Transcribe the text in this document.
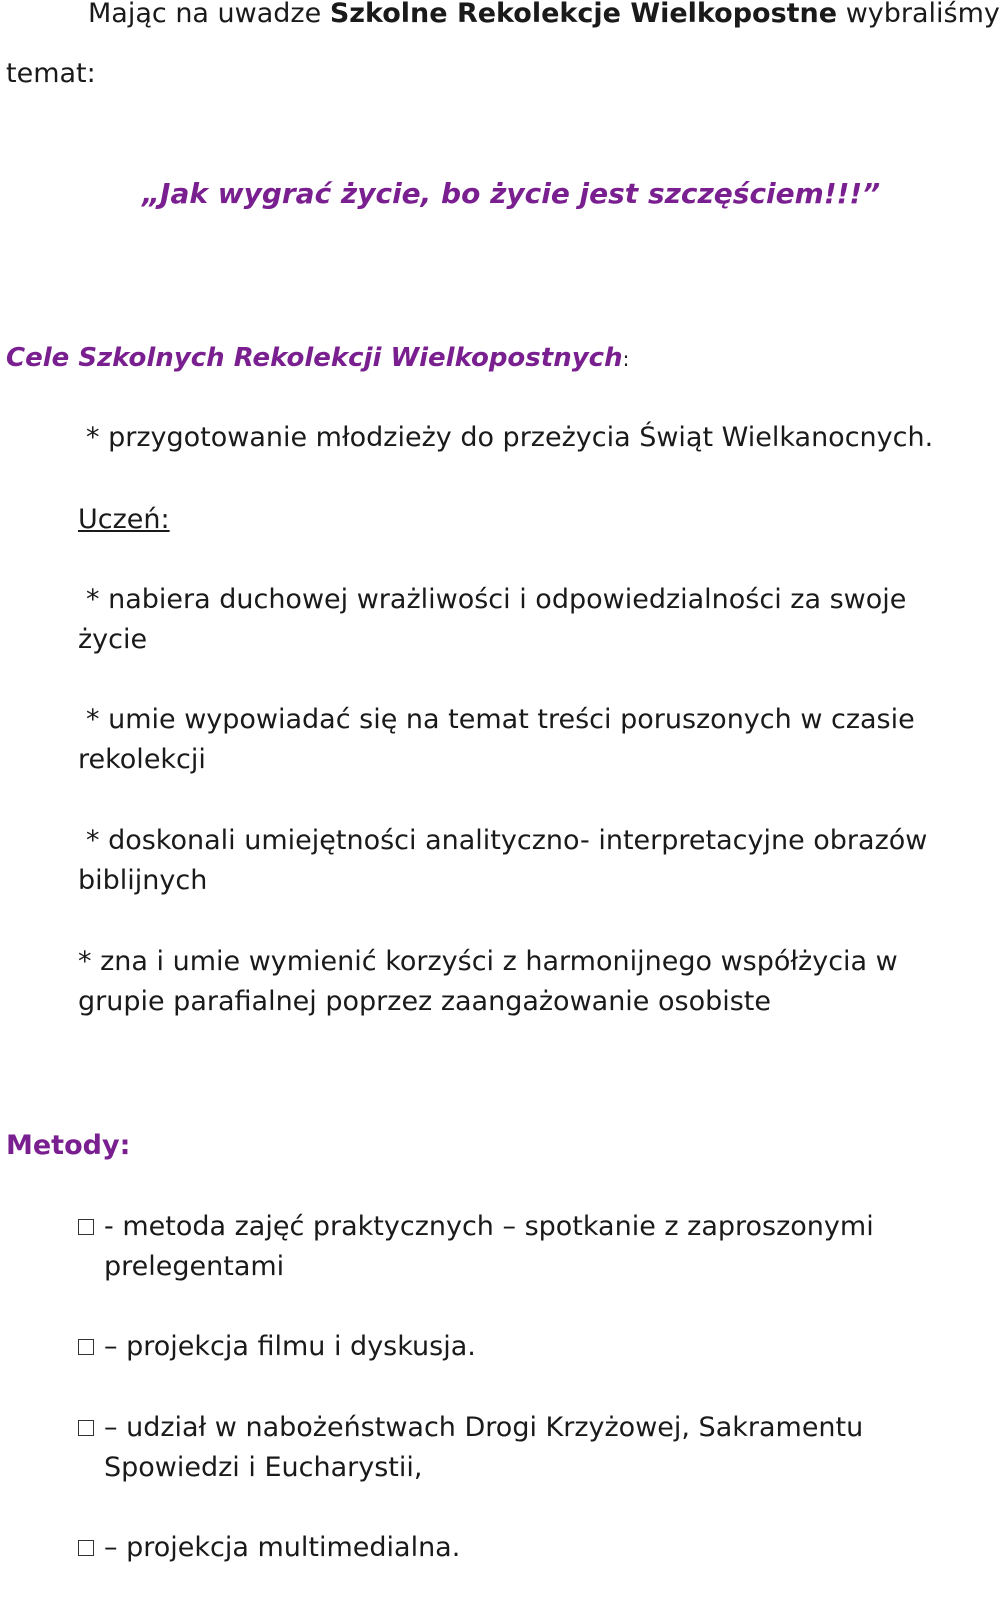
Mając na uwadze Szkolne Rekolekcje Wielkopostne wybraliśmy
temat:
„Jak wygrać życie, bo życie jest szczęściem!!!”
Cele Szkolnych Rekolekcji Wielkopostnych:
* przygotowanie młodzieży do przeżycia Świąt Wielkanocnych.
Uczeń:
* nabiera duchowej wrażliwości i odpowiedzialności za swoje życie
* umie wypowiadać się na temat treści poruszonych w czasie rekolekcji
* doskonali umiejętności analityczno- interpretacyjne obrazów biblijnych
* zna i umie wymienić korzyści z harmonijnego współżycia w grupie parafialnej poprzez zaangażowanie osobiste
Metody:
- metoda zajęć praktycznych – spotkanie z zaproszonymi prelegentami
– projekcja filmu i dyskusja.
– udział w nabożeństwach Drogi Krzyżowej, Sakramentu Spowiedzi i Eucharystii,
– projekcja multimedialna.
